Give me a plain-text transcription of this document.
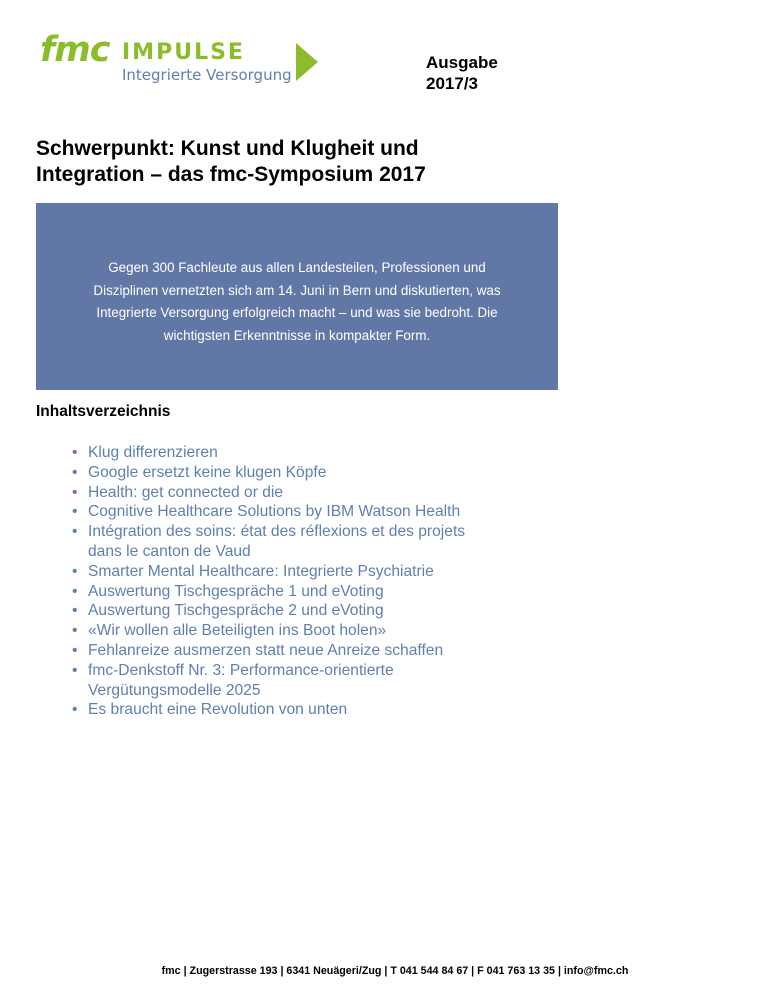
fmc IMPULSE
Integrierte Versorgung
Ausgabe
2017/3
Schwerpunkt: Kunst und Klugheit und
Integration – das fmc-Symposium 2017
Gegen 300 Fachleute aus allen Landesteilen, Professionen und
Disziplinen vernetzten sich am 14. Juni in Bern und diskutierten, was
Integrierte Versorgung erfolgreich macht – und was sie bedroht. Die
wichtigsten Erkenntnisse in kompakter Form.
Inhaltsverzeichnis
• Klug differenzieren
• Google ersetzt keine klugen Köpfe
• Health: get connected or die
• Cognitive Healthcare Solutions by IBM Watson Health
• Intégration des soins: état des réflexions et des projets
dans le canton de Vaud
• Smarter Mental Healthcare: Integrierte Psychiatrie
• Auswertung Tischgespräche 1 und eVoting
• Auswertung Tischgespräche 2 und eVoting
• «Wir wollen alle Beteiligten ins Boot holen»
• Fehlanreize ausmerzen statt neue Anreize schaffen
• fmc-Denkstoff Nr. 3: Performance-orientierte
Vergütungsmodelle 2025
• Es braucht eine Revolution von unten
fmc | Zugerstrasse 193 | 6341 Neuägeri/Zug | T 041 544 84 67 | F 041 763 13 35 | info@fmc.ch
